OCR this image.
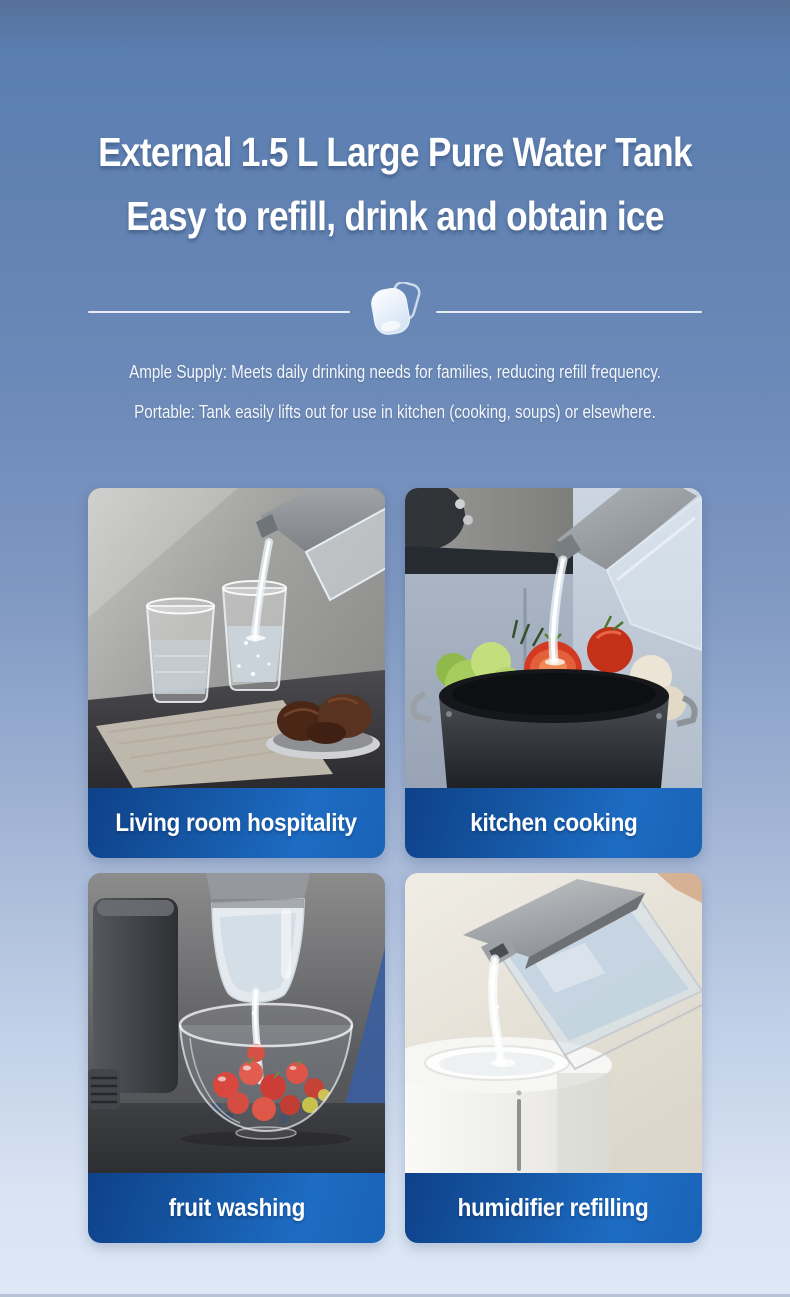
External 1.5 L Large Pure Water Tank
Easy to refill, drink and obtain ice

Ample Supply: Meets daily drinking needs for families, reducing refill frequency.

Portable: Tank easily lifts out for use in kitchen (cooking, soups) or elsewhere.

Living room hospitality	kitchen cooking
fruit washing	humidifier refilling
